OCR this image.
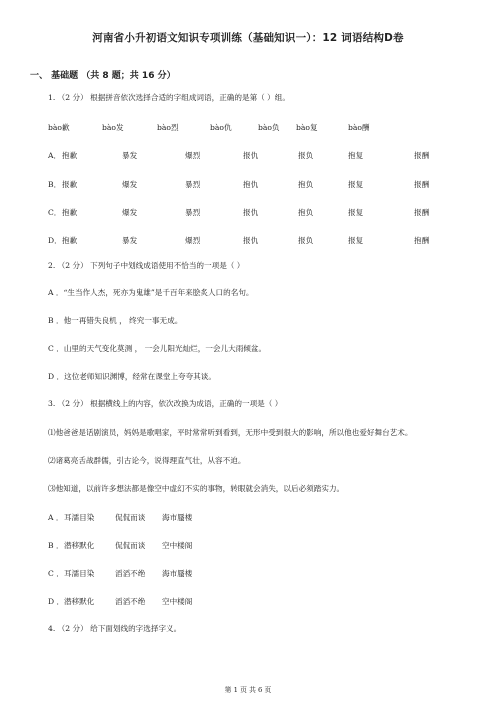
河南省小升初语文知识专项训练（基础知识一）：12 词语结构D卷
一、 基础题 （共 8 题；共 16 分）
1. （2 分） 根据拼音依次选择合适的字组成词语，正确的是第（ ）组。
bào歉	bào发	bào烈	bào仇	bào负 bào复	bào酬
A． 抱歉	暴发	爆烈	报仇	报负	抱复	报酬
B． 报歉	爆发	暴烈	抱仇	抱负	报复	报酬
C． 抱歉	爆发	暴烈	报仇	抱负	报复	报酬
D． 抱歉	暴发	爆烈	报仇	报负	报复	抱酬
2. （2 分） 下列句子中划线成语使用不恰当的一项是（ ）
A ．“生当作人杰，死亦为鬼雄”是千百年来脍炙人口的名句。
B ．他一再错失良机 ， 终究一事无成。
C ．山里的天气变化莫测 ， 一会儿阳光灿烂，一会儿大雨倾盆。
D ．这位老师知识渊博，经常在课堂上夸夸其谈。
3. （2 分） 根据横线上的内容，依次改换为成语，正确的一项是（ ）
⑴他爸爸是话剧演员，妈妈是歌唱家，平时常常听到看到，无形中受到很大的影响，所以他也爱好舞台艺术。
⑵诸葛亮舌战群儒，引古论今，说得理直气壮，从容不迫。
⑶他知道，以前许多想法都是像空中虚幻不实的事物，转眼就会消失，以后必须踏实力。
A ． 耳濡目染	侃侃而谈 海市蜃楼
B ． 潜移默化	侃侃而谈 空中楼阁
C ． 耳濡目染	滔滔不绝 海市蜃楼
D ． 潜移默化	滔滔不绝 空中楼阁
4. （2 分） 给下面划线的字选择字义。
第 1 页 共 6 页
